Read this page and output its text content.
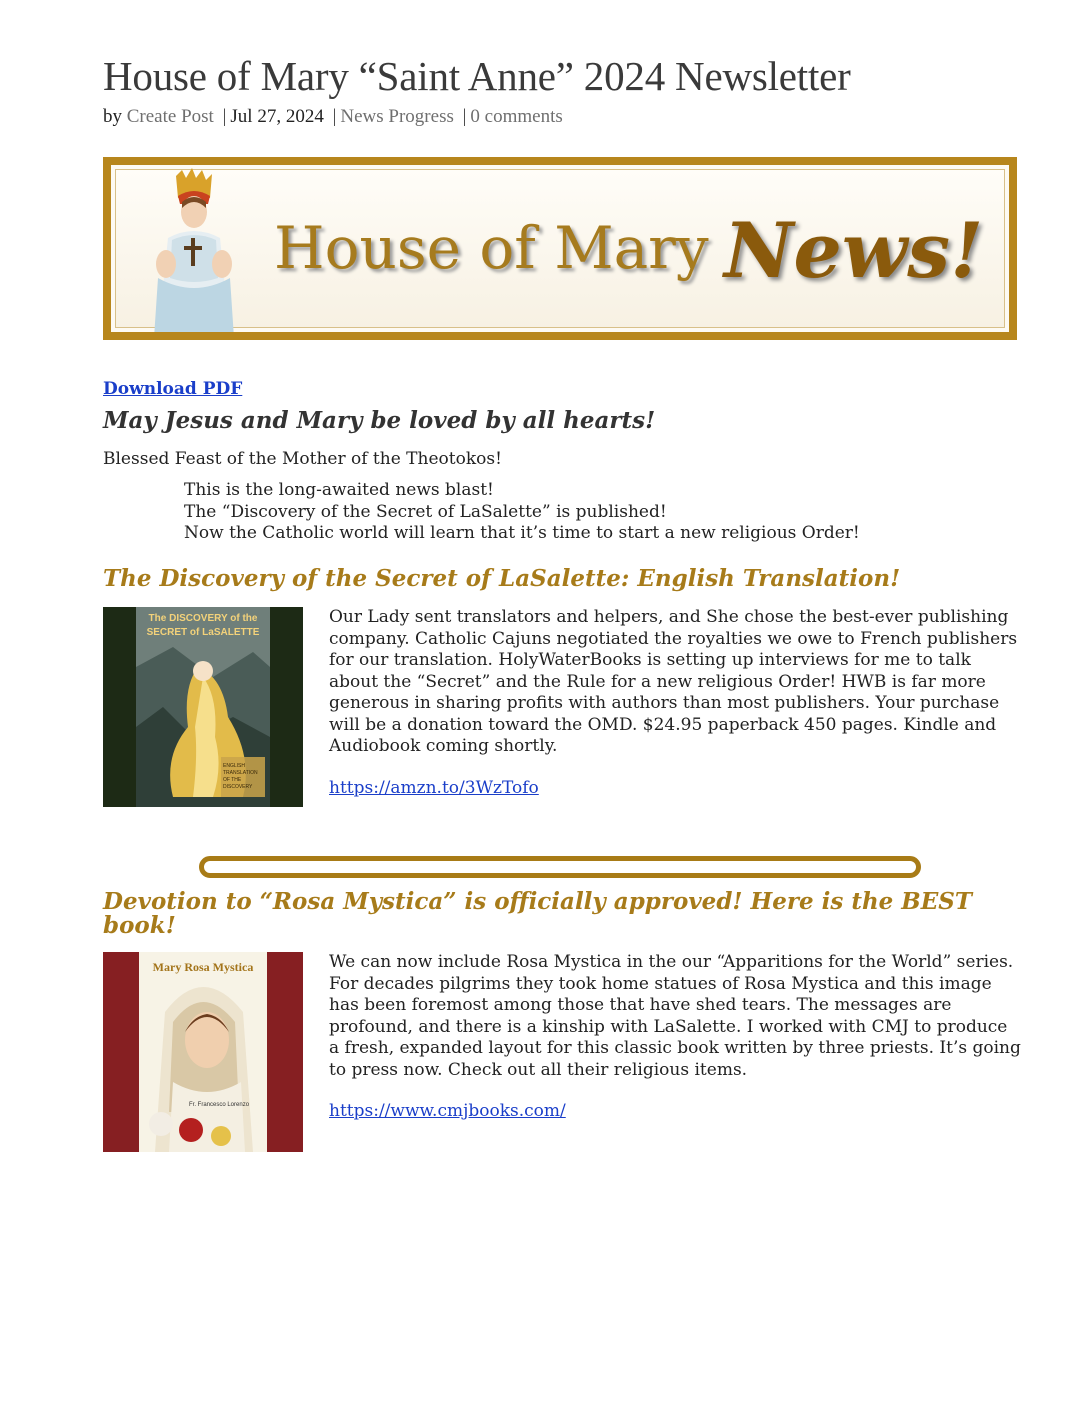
House of Mary “Saint Anne” 2024 Newsletter
by Create Post | Jul 27, 2024 | News Progress | 0 comments
House of Mary News!
Download PDF
May Jesus and Mary be loved by all hearts!
Blessed Feast of the Mother of the Theotokos!
This is the long-awaited news blast!
The “Discovery of the Secret of LaSalette” is published!
Now the Catholic world will learn that it’s time to start a new religious Order!
The Discovery of the Secret of LaSalette: English Translation!
The DISCOVERY of the
SECRET of LaSALETTE
ENGLISH TRANSLATION OF THE DISCOVERY
Our Lady sent translators and helpers, and She chose the best-ever publishing company. Catholic Cajuns negotiated the royalties we owe to French publishers for our translation. HolyWaterBooks is setting up interviews for me to talk about the “Secret” and the Rule for a new religious Order! HWB is far more generous in sharing profits with authors than most publishers. Your purchase will be a donation toward the OMD. $24.95 paperback 450 pages. Kindle and Audiobook coming shortly.
https://amzn.to/3WzTofo
Devotion to “Rosa Mystica” is officially approved! Here is the BEST book!
Mary Rosa Mystica
Fr. Francesco Lorenzo
We can now include Rosa Mystica in the our “Apparitions for the World” series. For decades pilgrims they took home statues of Rosa Mystica and this image has been foremost among those that have shed tears. The messages are profound, and there is a kinship with LaSalette. I worked with CMJ to produce a fresh, expanded layout for this classic book written by three priests. It’s going to press now. Check out all their religious items.
https://www.cmjbooks.com/
